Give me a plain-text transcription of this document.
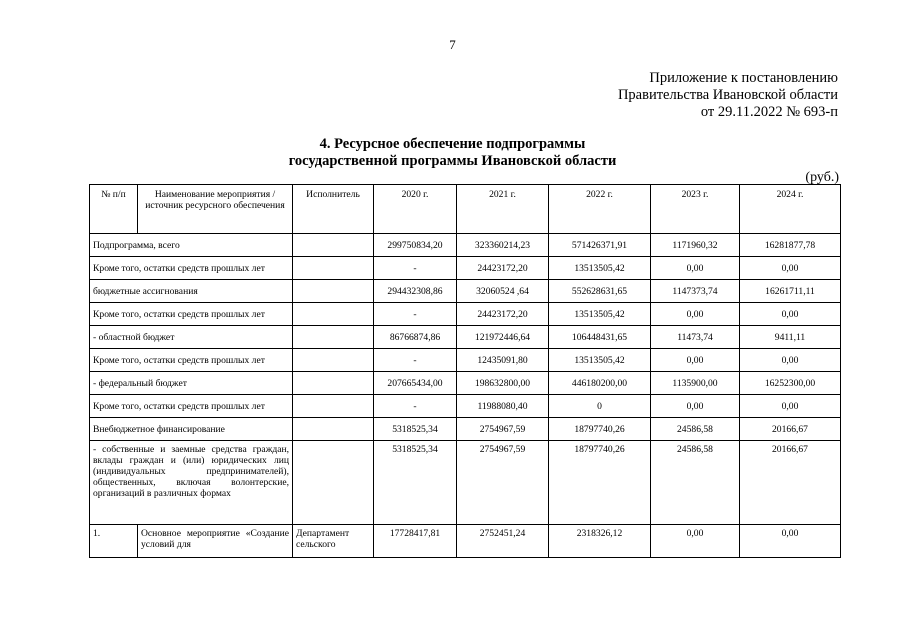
7
Приложение к постановлению
Правительства Ивановской области
от 29.11.2022 № 693-п
4. Ресурсное обеспечение подпрограммы
государственной программы Ивановской области
(руб.)
№ п/п	Наименование мероприятия / источник ресурсного обеспечения	Исполнитель	2020 г.	2021 г.	2022 г.	2023 г.	2024 г.
Подпрограмма, всего			299750834,20	323360214,23	571426371,91	1171960,32	16281877,78
Кроме того, остатки средств прошлых лет			-	24423172,20	13513505,42	0,00	0,00
бюджетные ассигнования			294432308,86	32060524 ,64	552628631,65	1147373,74	16261711,11
Кроме того, остатки средств прошлых лет			-	24423172,20	13513505,42	0,00	0,00
- областной бюджет			86766874,86	121972446,64	106448431,65	11473,74	9411,11
Кроме того, остатки средств прошлых лет			-	12435091,80	13513505,42	0,00	0,00
- федеральный бюджет			207665434,00	198632800,00	446180200,00	1135900,00	16252300,00
Кроме того, остатки средств прошлых лет			-	11988080,40	0	0,00	0,00
Внебюджетное финансирование			5318525,34	2754967,59	18797740,26	24586,58	20166,67
- собственные и заемные средства граждан, вклады граждан и (или) юридических лиц (индивидуальных предпринимателей), общественных, включая волонтерские, организаций в различных формах			5318525,34	2754967,59	18797740,26	24586,58	20166,67
1.	Основное мероприятие «Создание условий для	Департамент сельского	17728417,81	2752451,24	2318326,12	0,00	0,00
